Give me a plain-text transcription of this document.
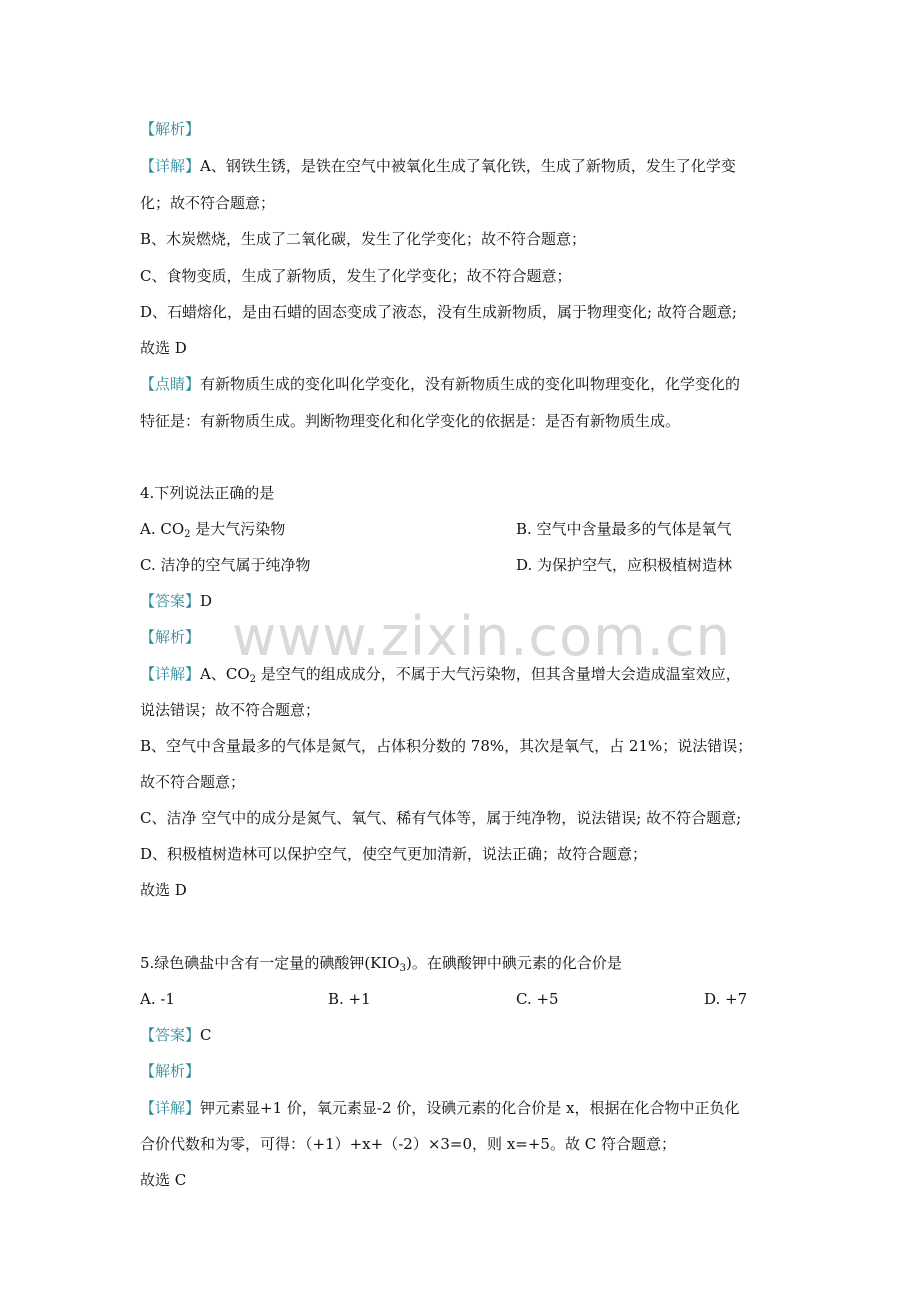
www.zixin.com.cn
【解析】
【详解】A、钢铁生锈，是铁在空气中被氧化生成了氧化铁，生成了新物质，发生了化学变
化；故不符合题意；
B、木炭燃烧，生成了二氧化碳，发生了化学变化；故不符合题意；
C、食物变质，生成了新物质，发生了化学变化；故不符合题意；
D、石蜡熔化，是由石蜡的固态变成了液态，没有生成新物质，属于物理变化; 故符合题意;
故选 D
【点睛】有新物质生成的变化叫化学变化，没有新物质生成的变化叫物理变化，化学变化的
特征是：有新物质生成。判断物理变化和化学变化的依据是：是否有新物质生成。
4.下列说法正确的是
A. $CO_2$ 是大气污染物	B. 空气中含量最多的气体是氧气
C. 洁净的空气属于纯净物	D. 为保护空气，应积极植树造林
【答案】D
【解析】
【详解】A、$CO_2$ 是空气的组成成分，不属于大气污染物，但其含量增大会造成温室效应，
说法错误；故不符合题意；
B、空气中含量最多的气体是氮气，占体积分数的 78%，其次是氧气，占 21%；说法错误；
故不符合题意；
C、洁净 空气中的成分是氮气、氧气、稀有气体等，属于纯净物，说法错误; 故不符合题意;
D、积极植树造林可以保护空气，使空气更加清新，说法正确；故符合题意；
故选 D
5.绿色碘盐中含有一定量的碘酸钾$(KIO_3)$。在碘酸钾中碘元素的化合价是
A. -1	B. +1	C. +5	D. +7
【答案】C
【解析】
【详解】钾元素显+1 价，氧元素显-2 价，设碘元素的化合价是 x，根据在化合物中正负化
合价代数和为零，可得：（+1）+x+（-2）×3=0，则 x=+5。故 C 符合题意；
故选 C
